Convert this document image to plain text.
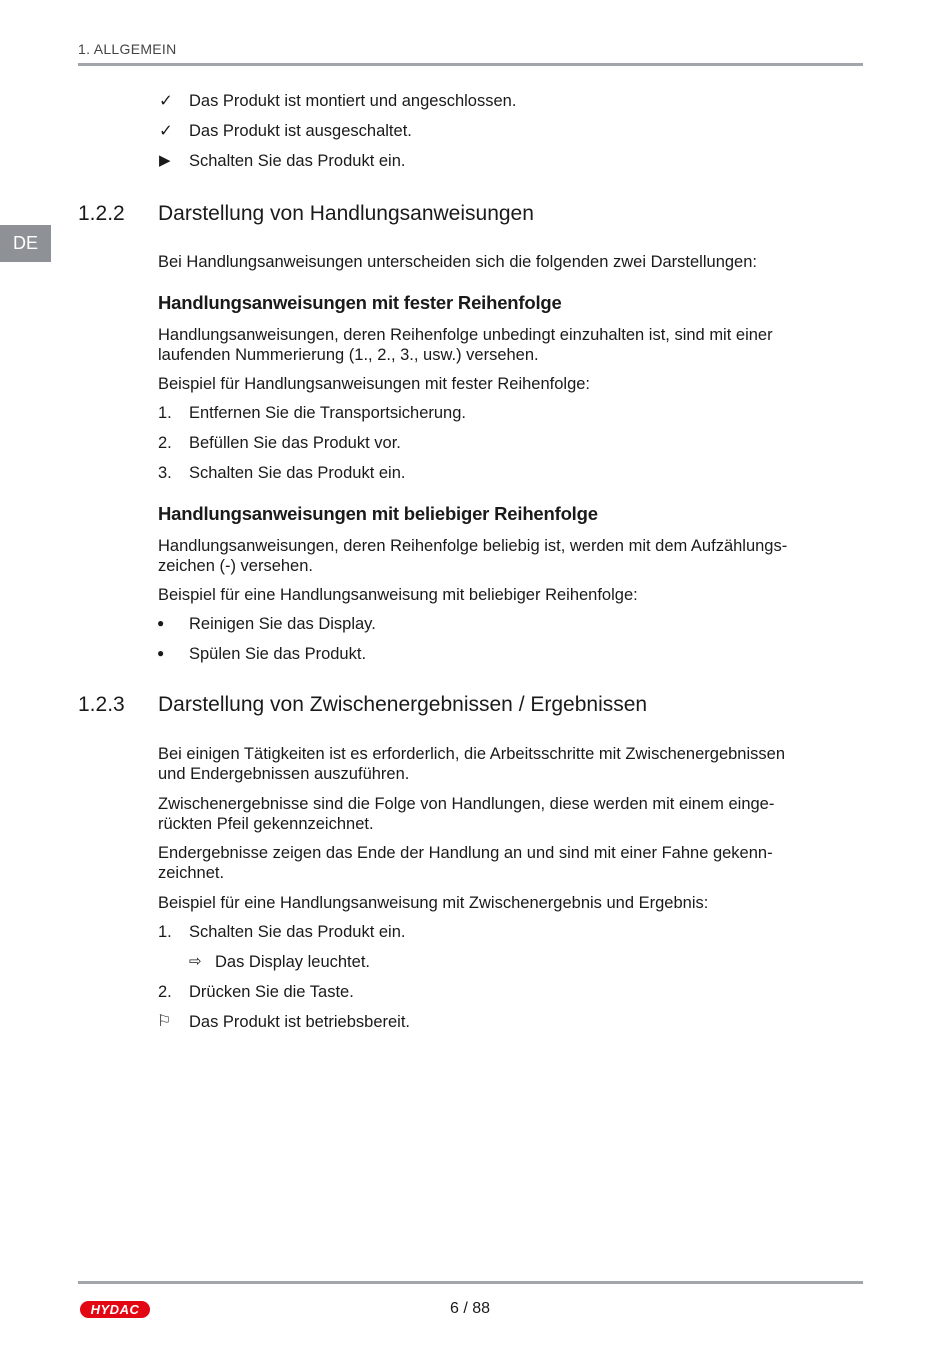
1. ALLGEMEIN
DE
✓ Das Produkt ist montiert und angeschlossen.
✓ Das Produkt ist ausgeschaltet.
▶ Schalten Sie das Produkt ein.
1.2.2 Darstellung von Handlungsanweisungen
Bei Handlungsanweisungen unterscheiden sich die folgenden zwei Darstellungen:
Handlungsanweisungen mit fester Reihenfolge
Handlungsanweisungen, deren Reihenfolge unbedingt einzuhalten ist, sind mit einer
laufenden Nummerierung (1., 2., 3., usw.) versehen.
Beispiel für Handlungsanweisungen mit fester Reihenfolge:
1. Entfernen Sie die Transportsicherung.
2. Befüllen Sie das Produkt vor.
3. Schalten Sie das Produkt ein.
Handlungsanweisungen mit beliebiger Reihenfolge
Handlungsanweisungen, deren Reihenfolge beliebig ist, werden mit dem Aufzählungs-
zeichen (-) versehen.
Beispiel für eine Handlungsanweisung mit beliebiger Reihenfolge:
● Reinigen Sie das Display.
● Spülen Sie das Produkt.
1.2.3 Darstellung von Zwischenergebnissen / Ergebnissen
Bei einigen Tätigkeiten ist es erforderlich, die Arbeitsschritte mit Zwischenergebnissen
und Endergebnissen auszuführen.
Zwischenergebnisse sind die Folge von Handlungen, diese werden mit einem einge-
rückten Pfeil gekennzeichnet.
Endergebnisse zeigen das Ende der Handlung an und sind mit einer Fahne gekenn-
zeichnet.
Beispiel für eine Handlungsanweisung mit Zwischenergebnis und Ergebnis:
1. Schalten Sie das Produkt ein.
⇨ Das Display leuchtet.
2. Drücken Sie die Taste.
⚐ Das Produkt ist betriebsbereit.
HYDAC	6 / 88
